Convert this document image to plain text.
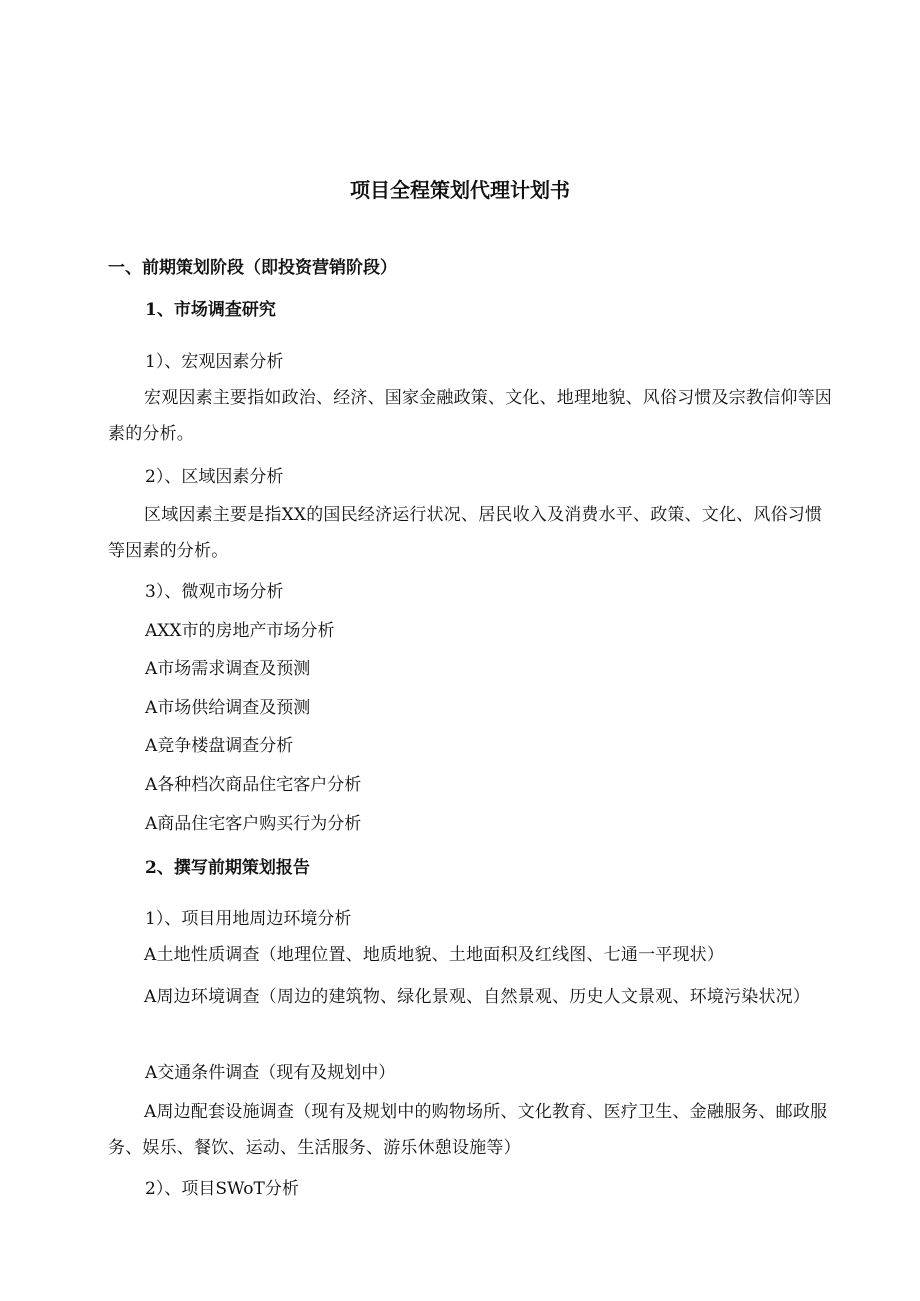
项目全程策划代理计划书
一、前期策划阶段（即投资营销阶段）
1、市场调查研究
1）、宏观因素分析

宏观因素主要指如政治、经济、国家金融政策、文化、地理地貌、风俗习惯及宗教信仰等因素的分析。

2）、区域因素分析

区域因素主要是指XX的国民经济运行状况、居民收入及消费水平、政策、文化、风俗习惯等因素的分析。

3）、微观市场分析
AXX市的房地产市场分析
A市场需求调查及预测
A市场供给调查及预测
A竞争楼盘调查分析
A各种档次商品住宅客户分析
A商品住宅客户购买行为分析
2、撰写前期策划报告
1）、项目用地周边环境分析

A土地性质调查（地理位置、地质地貌、土地面积及红线图、七通一平现状）

A周边环境调查（周边的建筑物、绿化景观、自然景观、历史人文景观、环境污染状况）

A交通条件调查（现有及规划中）

A周边配套设施调查（现有及规划中的购物场所、文化教育、医疗卫生、金融服务、邮政服务、娱乐、餐饮、运动、生活服务、游乐休憩设施等）

2）、项目SWoT分析
